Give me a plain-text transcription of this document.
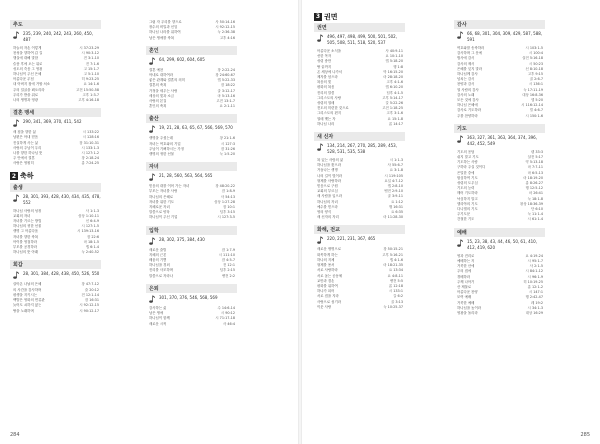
추도
235, 239, 240, 242, 243, 260, 450, 487
하늘의 자손 이렇게	시 37:23-29
천성을 향하여 갑 길	시 90:3-12
행실에 대해 말함	전 3:1-10
슬픔 후에 오는 위로	전 7:1-6
성도의 죽음 그 영광	고 15:1-7
하나님이 주신 은혜	고 5:1-10
아름다운 무덤	히 9:23-25
내 아버지 집에 거할 처소	요 14:1-6
주의 얼굴을 뵈오리라	고전 15:50-58
우리가 받을 위로	고후 1:3-7
나의 생명과 영광	고후 4:16-18
결혼 맹세
290, 341, 369, 370, 411, 542
새 집을 향한 삶	시 133:22
남편은 아내 믿음	시 128:16
진실하게 사는 삶	잠 31:10-31
사랑의 주님이 우리	시 133:1-3
나를 향한 하나님 뜻	시 127:1-2
주 안에서 결혼	창 2:18-24
사랑은 영원히	롬 7:24-25
2 축하
출생
28, 301, 393, 428, 430, 434, 435, 478, 552
하나님 사랑의 성장	사 1:1-3
교회의 자녀	삼상 1:10-11
자녀를 기르는 방법	신 6:4-9
하나님의 귀한 선물	시 127:1-5
생명 그 아름다움	시 139:13-16
자녀를 향한 축복	잠 22:6
아이를 영접하라	마 18:1-5
부모를 공경하라	엡 6:1-4
하나님의 뜻 아래	눅 2:40-52
회갑
28, 301, 384, 428, 438, 450, 526, 550
살아온 나날의 은혜	창 47:7-12
의 사간을 감사하며	출 20:12
평생을 지키시는	전 12:1-14
백발은 영화의 면류관	잠 16:31
늙어도 쇠하지 않는	시 92:12-15
땅을 노래하며	시 90:12-17
그림 자 우리를 향으로	사 50:14-16
장수의 비밀과 신앙	시 92:12-15
하나님 나라를 위하여	눅 2:36-38
남은 생애를 축복	고후 4:16
혼인
64, 299, 602, 604, 605
결혼 예찬	창 2:22-24
아내로 대하여라	창 24:60-67
좋은 관계와 결혼의 의미	엡 5:22-33
결혼의 축복	잠 18:22
가정을 세우는 사랑	골 3:12-17
세상의 빛과 소금	마 5:13-16
사랑의 본질	고전 13:1-7
혼인의 축복	요 2:1-11
출산
19, 21, 28, 63, 65, 67, 566, 569, 570
생명을 주셨는데	창 21:1-6
자녀는 여호와의 기업	시 127:3
주님이 기뻐하시는 가정	잠 31:26
생명의 귀한 선물	눅 1:5-20
자녀
21, 28, 560, 563, 564, 565
믿음의 대를 이어 가는 자녀	창 48:20-22
부모는 자녀를 사랑	잠 1:8-9
하나님의 은혜로	사 54:13
자녀를 위한 기도	삼상 1:27-28
지혜로운 자녀	잠 10:1
말씀으로 양육	딤후 3:15
하나님이 주신 기업	시 127:3-5
입학
28, 302, 375, 384, 430
새로운 출발	잠 1:7-9
지혜의 근본	시 111:10
배움의 기쁨	잠 4:5-7
하나님을 경외	전 12:1
진리를 사모하며	딤후 2:15
말씀으로 자라나	벧전 2:2
은퇴
301, 370, 376, 546, 568, 569
감사하는 삶	수 14:6-14
남은 생애	시 90:12
하나님이 함께	시 71:17-18
새로운 시작	사 46:4
284
3 권면
권면
496, 497, 498, 499, 500, 501, 502, 505, 508, 511, 518, 520, 537
아름다운 소식을	사 40:9-11
선한 목자	요 10:1-10
성령 충만	엡 5:18-20
땅 끝까지	행 1:8
온 세상에 나가서	막 16:15-20
제자를 삼으라	마 28:18-20
복음의 빛	고후 4:1-6
평화의 복음	엡 6:10-20
진리의 말씀	딤후 4:1-5
그리스도의 사랑	고후 5:14-17
성령의 열매	갈 5:22-26
전도의 미련한 것으로	고전 1:18-25
그리스도의 편지	고후 3:1-6
열매 맺는 자	요 15:1-8
하나님 나라	롬 14:17
새 신자
134, 214, 267, 270, 285, 289, 453, 528, 531, 535, 538
복 있는 사람의 삶	시 1:1-3
하나님을 찾으라	사 55:6-7
거듭나는 생명	요 3:1-8
나의 길이 빛이라	시 119:105
형제를 사랑하라	요일 4:7-12
믿음으로 구원	엡 2:8-10
교회의 부르심	벧전 2:9-10
새 사람을 입으라	골 3:9-11
하나님의 자녀	요 1:12
예수를 믿으라	행 16:31
영의 양식	요 6:35
새 신자의 자리	마 11:28-30
화해, 전교
220, 221, 231, 367, 465
새로운 생명으로	창 50:15-21
화목하게 하는	고후 5:16-21
하나의 지체	엡 4:1-6
형제를 용서	마 18:21-35
서로 사랑하라	요 13:34
서로 돕는 공동체	요 4:8-11
교만과 겸손	벧전 5:5
평화를 위하여	롬 12:18
하나가 되어	시 133:1
서로 짐을 지라	갈 6:2
사랑으로 섬기라	골 3:13
이웃 사랑	눅 10:25-37
감사
66, 68, 301, 304, 309, 429, 587, 588, 591
여호와를 송축하라	시 103:1-5
감사하며 그 문에	시 100:4
범사에 감사	살전 5:16-18
감사의 제사	시 50:23
은혜를 잊지 말라	신 8:10-18
하나님께 감사	고후 9:15
넘치는 감사	골 2:6-7
찬양과 감사	시 136:1
열 사람의 감사	눅 17:11-19
감사의 노래	대상 16:8-36
모든 것에 감사	엡 5:20
하나님 은혜에	시 116:12-14
감사로 기도하라	빌 4:6-7
주를 찬양하라	시 150:1-6
기도
363, 327, 361, 363, 364, 374, 396, 442, 452, 549
기도의 응답	렘 33:3
쉬지 말고 기도	살전 5:17
기도하는 사람	약 5:13-18
구하라 주실 것이다	마 7:7-11
은밀한 중에	마 6:5-13
합심하여 기도	마 18:19-20
성령의 도우심	롬 8:26-27
기도의 능력	행 12:5-12
깨어 기도하라	마 26:41
낙심하지 말고	눅 18:1-8
엘리야의 기도	왕상 18:36-39
다니엘의 기도	단 6:10
주기도문	눅 11:1-4
간절한 기도	시 61:1-4
예배
15, 23, 38, 43, 44, 46, 50, 61, 410, 412, 419, 620
영과 진리로	요 4:19-24
예배하는 자	시 95:1-7
거룩한 산에	사 2:1-5
주의 집에	시 84:1-12
경배하라	시 96:1-9
주께 나아가	히 10:19-25
산 제물로	롬 12:1-2
아름다운 찬양	시 147:1
모여 예배	행 2:42-47
거룩한 예배	레 19:2
하나님을 높이라	시 34:1-3
영광을 돌리라	대상 16:29
285
